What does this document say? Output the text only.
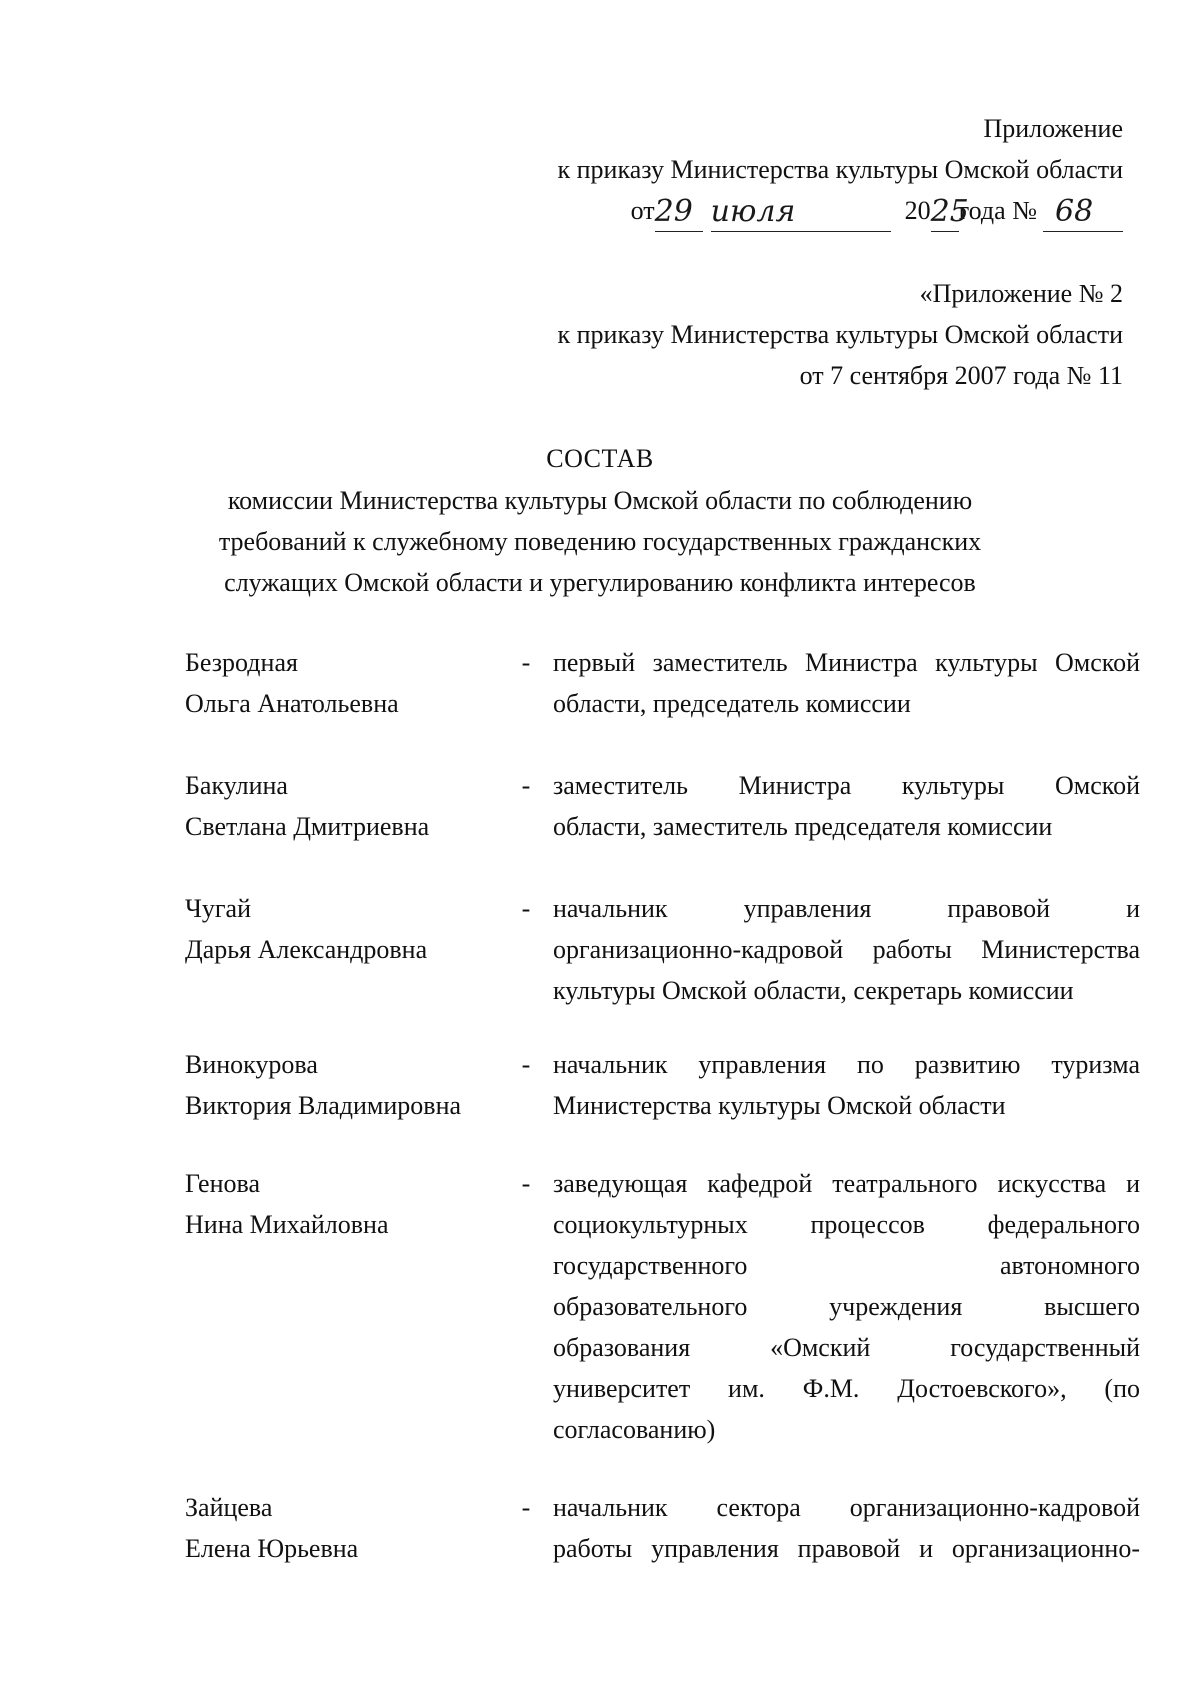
Приложение
к приказу Министерства культуры Омской области
от 29 июля	20 25
года № 68
«Приложение № 2
к приказу Министерства культуры Омской области
от 7 сентября 2007 года № 11
СОСТАВ
комиссии Министерства культуры Омской области по соблюдению
требований к служебному поведению государственных гражданских
служащих Омской области и урегулированию конфликта интересов
Безродная
Ольга Анатольевна
- первый заместитель Министра культуры Омской
области, председатель комиссии
Бакулина
Светлана Дмитриевна
- заместитель Министра культуры Омской
области, заместитель председателя комиссии
Чугай
Дарья Александровна
- начальник управления правовой и
организационно-кадровой работы Министерства
культуры Омской области, секретарь комиссии
Винокурова
Виктория Владимировна
- начальник управления по развитию туризма
Министерства культуры Омской области
Генова
Нина Михайловна
- заведующая кафедрой театрального искусства и
социокультурных процессов федерального
государственного автономного
образовательного учреждения высшего
образования «Омский государственный
университет им. Ф.М. Достоевского», (по
согласованию)
Зайцева
Елена Юрьевна
- начальник сектора организационно-кадровой
работы управления правовой и организационно-
